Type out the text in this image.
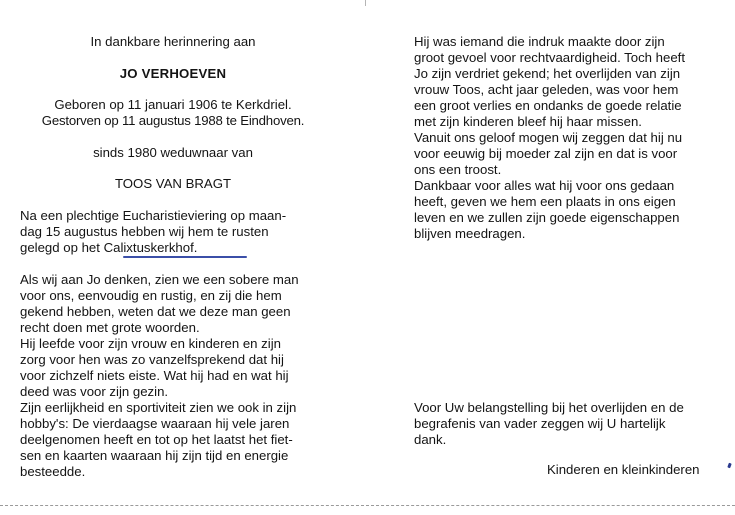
In dankbare herinnering aan
JO VERHOEVEN
Geboren op 11 januari 1906 te Kerkdriel.
Gestorven op 11 augustus 1988 te Eindhoven.
sinds 1980 weduwnaar van
TOOS VAN BRAGT
Na een plechtige Eucharistieviering op maan-
dag 15 augustus hebben wij hem te rusten
gelegd op het Calixtuskerkhof.
Als wij aan Jo denken, zien we een sobere man
voor ons, eenvoudig en rustig, en zij die hem
gekend hebben, weten dat we deze man geen
recht doen met grote woorden.
Hij leefde voor zijn vrouw en kinderen en zijn
zorg voor hen was zo vanzelfsprekend dat hij
voor zichzelf niets eiste. Wat hij had en wat hij
deed was voor zijn gezin.
Zijn eerlijkheid en sportiviteit zien we ook in zijn
hobby's: De vierdaagse waaraan hij vele jaren
deelgenomen heeft en tot op het laatst het fiet-
sen en kaarten waaraan hij zijn tijd en energie
besteedde.
Hij was iemand die indruk maakte door zijn
groot gevoel voor rechtvaardigheid. Toch heeft
Jo zijn verdriet gekend; het overlijden van zijn
vrouw Toos, acht jaar geleden, was voor hem
een groot verlies en ondanks de goede relatie
met zijn kinderen bleef hij haar missen.
Vanuit ons geloof mogen wij zeggen dat hij nu
voor eeuwig bij moeder zal zijn en dat is voor
ons een troost.
Dankbaar voor alles wat hij voor ons gedaan
heeft, geven we hem een plaats in ons eigen
leven en we zullen zijn goede eigenschappen
blijven meedragen.
Voor Uw belangstelling bij het overlijden en de
begrafenis van vader zeggen wij U hartelijk
dank.
Kinderen en kleinkinderen
